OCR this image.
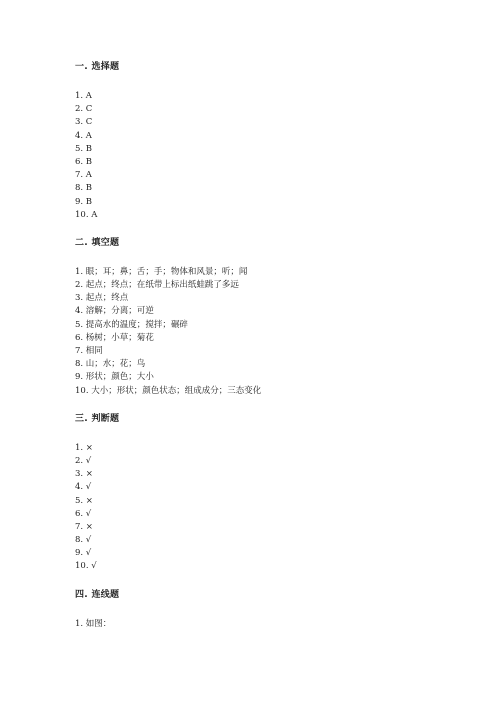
一. 选择题
1. A
2. C
3. C
4. A
5. B
6. B
7. A
8. B
9. B
10. A
二. 填空题
1. 眼；耳；鼻；舌；手；物体和风景；听；闻
2. 起点；终点；在纸带上标出纸蛙跳了多远
3. 起点；终点
4. 溶解；分离；可逆
5. 提高水的温度；搅拌；碾碎
6. 杨树；小草；菊花
7. 相同
8. 山；水；花；鸟
9. 形状；颜色；大小
10. 大小；形状；颜色状态；组成成分；三态变化
三. 判断题
1. ×
2. √
3. ×
4. √
5. ×
6. √
7. ×
8. √
9. √
10. √
四. 连线题
1. 如图：
